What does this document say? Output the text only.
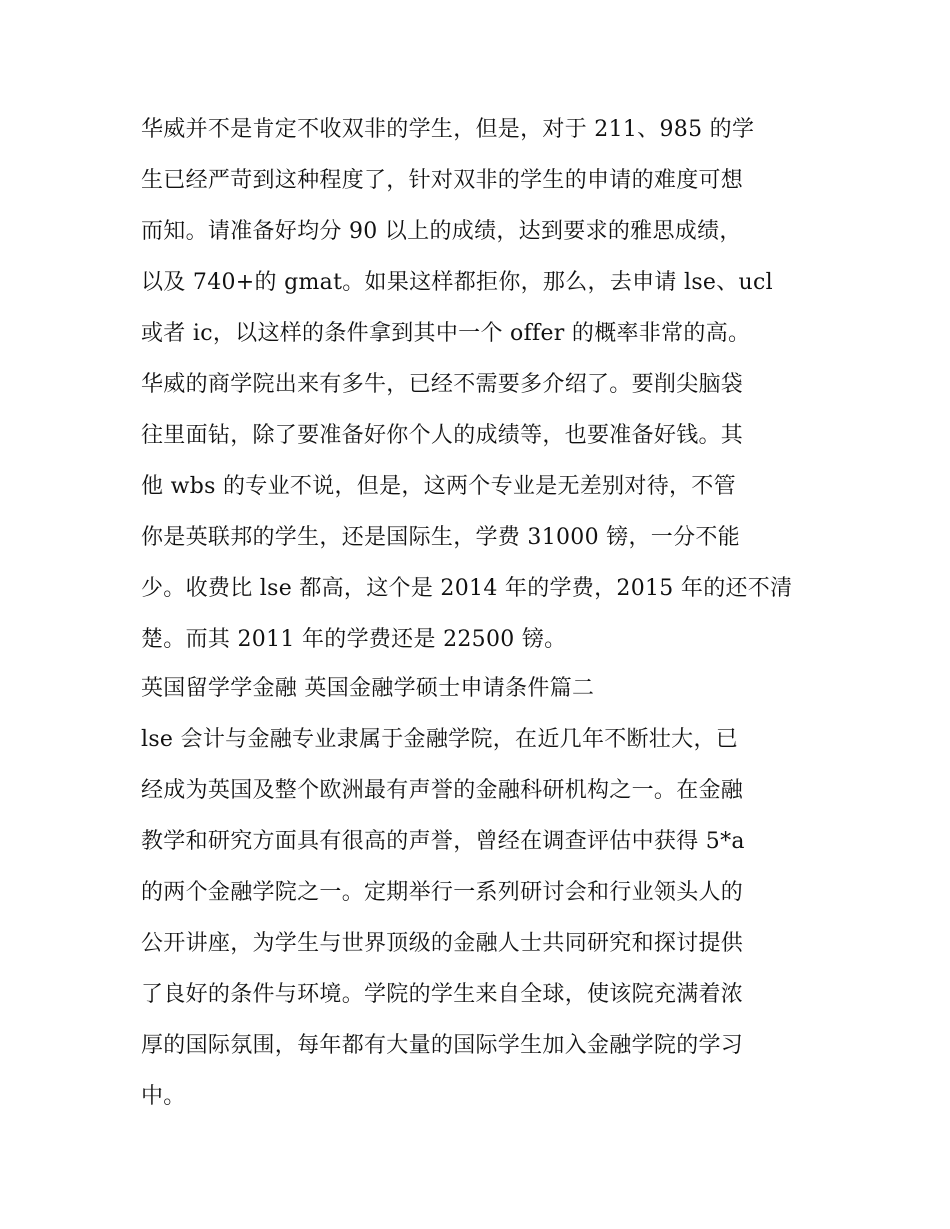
华威并不是肯定不收双非的学生，但是，对于 211、985 的学
生已经严苛到这种程度了，针对双非的学生的申请的难度可想
而知。请准备好均分 90 以上的成绩，达到要求的雅思成绩，
以及 740+的 gmat。如果这样都拒你，那么，去申请 lse、ucl
或者 ic，以这样的条件拿到其中一个 offer 的概率非常的高。
华威的商学院出来有多牛，已经不需要多介绍了。要削尖脑袋
往里面钻，除了要准备好你个人的成绩等，也要准备好钱。其
他 wbs 的专业不说，但是，这两个专业是无差别对待，不管
你是英联邦的学生，还是国际生，学费 31000 镑，一分不能
少。收费比 lse 都高，这个是 2014 年的学费，2015 年的还不清
楚。而其 2011 年的学费还是 22500 镑。
英国留学学金融 英国金融学硕士申请条件篇二
lse 会计与金融专业隶属于金融学院，在近几年不断壮大，已
经成为英国及整个欧洲最有声誉的金融科研机构之一。在金融
教学和研究方面具有很高的声誉，曾经在调查评估中获得 5*a
的两个金融学院之一。定期举行一系列研讨会和行业领头人的
公开讲座，为学生与世界顶级的金融人士共同研究和探讨提供
了良好的条件与环境。学院的学生来自全球，使该院充满着浓
厚的国际氛围，每年都有大量的国际学生加入金融学院的学习
中。
